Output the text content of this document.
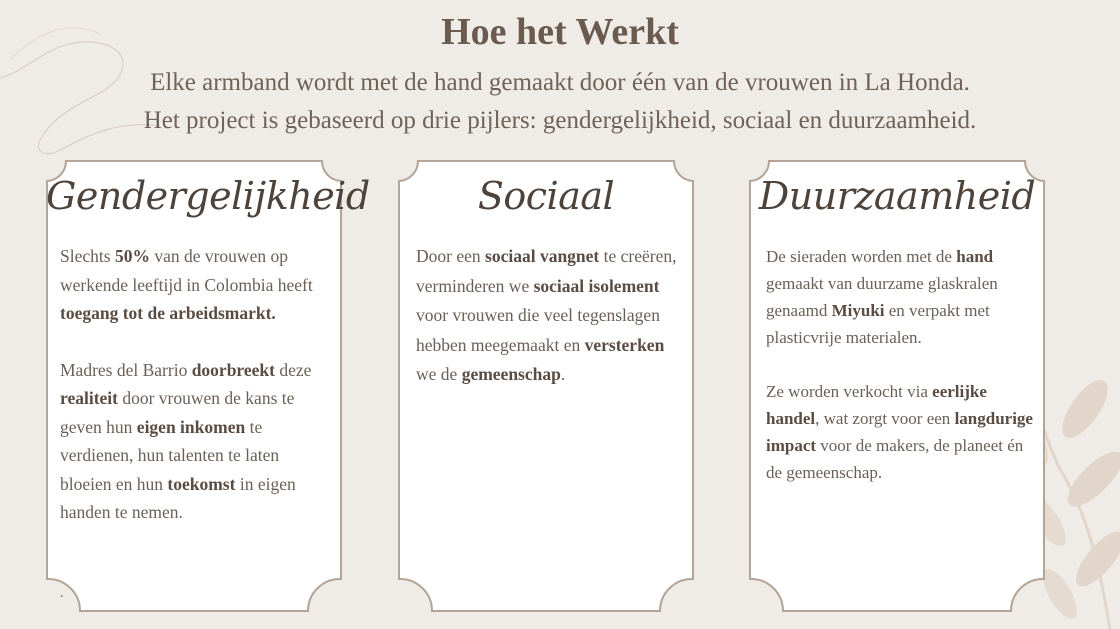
Hoe het Werkt
Elke armband wordt met de hand gemaakt door één van de vrouwen in La Honda.
Het project is gebaseerd op drie pijlers: gendergelijkheid, sociaal en duurzaamheid.
Gendergelijkheid

Slechts 50% van de vrouwen op werkende leeftijd in Colombia heeft toegang tot de arbeidsmarkt.

Madres del Barrio doorbreekt deze realiteit door vrouwen de kans te geven hun eigen inkomen te verdienen, hun talenten te laten bloeien en hun toekomst in eigen handen te nemen.

Sociaal

Door een sociaal vangnet te creëren, verminderen we sociaal isolement voor vrouwen die veel tegenslagen hebben meegemaakt en versterken we de gemeenschap.

Duurzaamheid

De sieraden worden met de hand gemaakt van duurzame glaskralen genaamd Miyuki en verpakt met plasticvrije materialen.

Ze worden verkocht via eerlijke handel, wat zorgt voor een langdurige impact voor de makers, de planeet én de gemeenschap.

.
